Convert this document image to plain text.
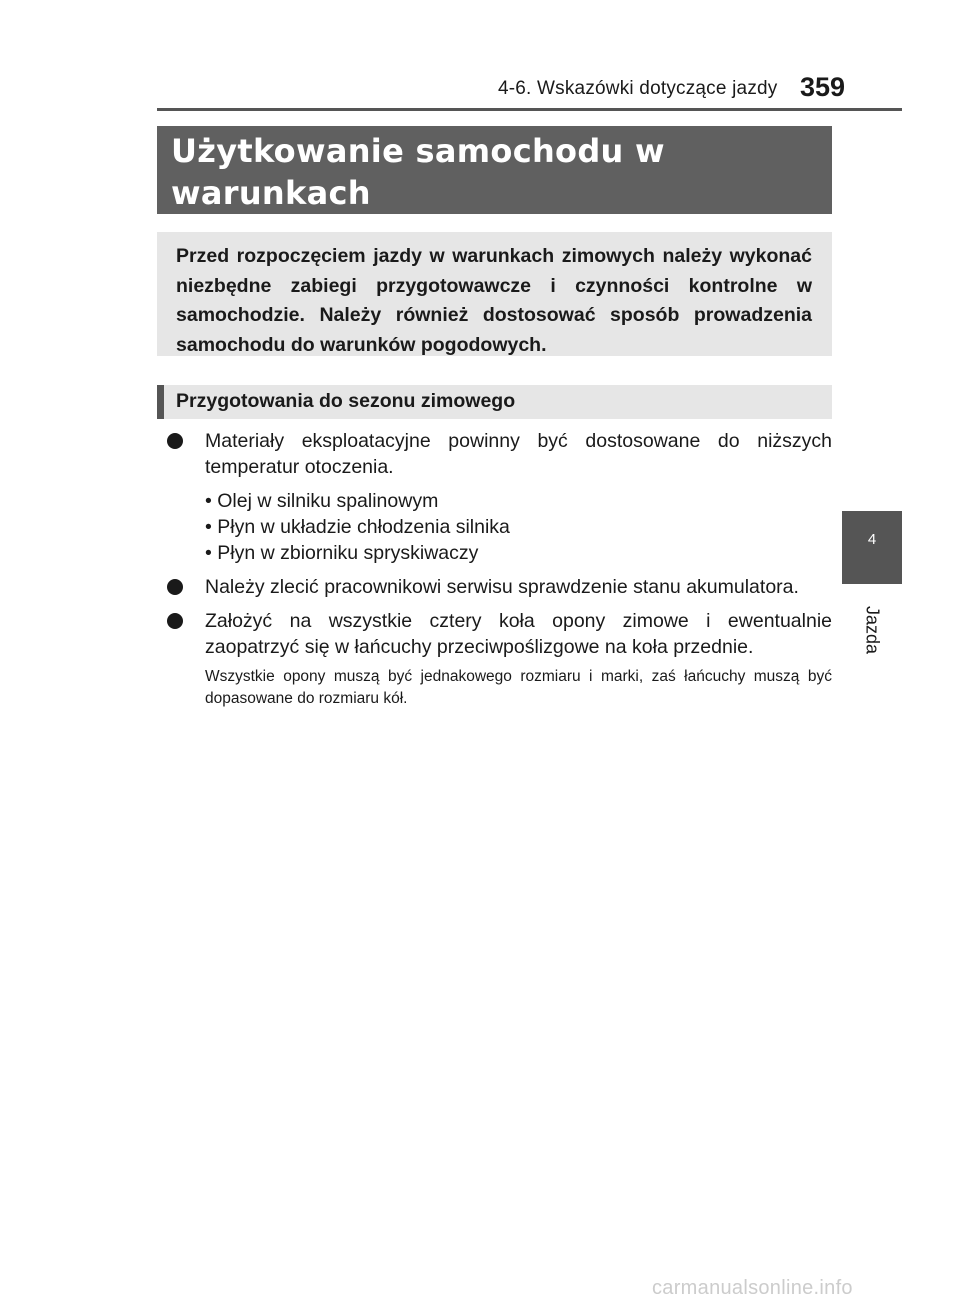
4-6. Wskazówki dotyczące jazdy 359
Użytkowanie samochodu w warunkach
Przed rozpoczęciem jazdy w warunkach zimowych należy wykonać niezbędne zabiegi przygotowawcze i czynności kontrolne w samochodzie. Należy również dostosować sposób prowadzenia samochodu do warunków pogodowych.
Przygotowania do sezonu zimowego
Materiały eksploatacyjne powinny być dostosowane do niższych temperatur otoczenia.
• Olej w silniku spalinowym
• Płyn w układzie chłodzenia silnika
• Płyn w zbiorniku spryskiwaczy
Należy zlecić pracownikowi serwisu sprawdzenie stanu akumulatora.
Założyć na wszystkie cztery koła opony zimowe i ewentualnie zaopatrzyć się w łańcuchy przeciwpoślizgowe na koła przednie.
Wszystkie opony muszą być jednakowego rozmiaru i marki, zaś łańcuchy muszą być dopasowane do rozmiaru kół.
4
Jazda
carmanualsonline.info
